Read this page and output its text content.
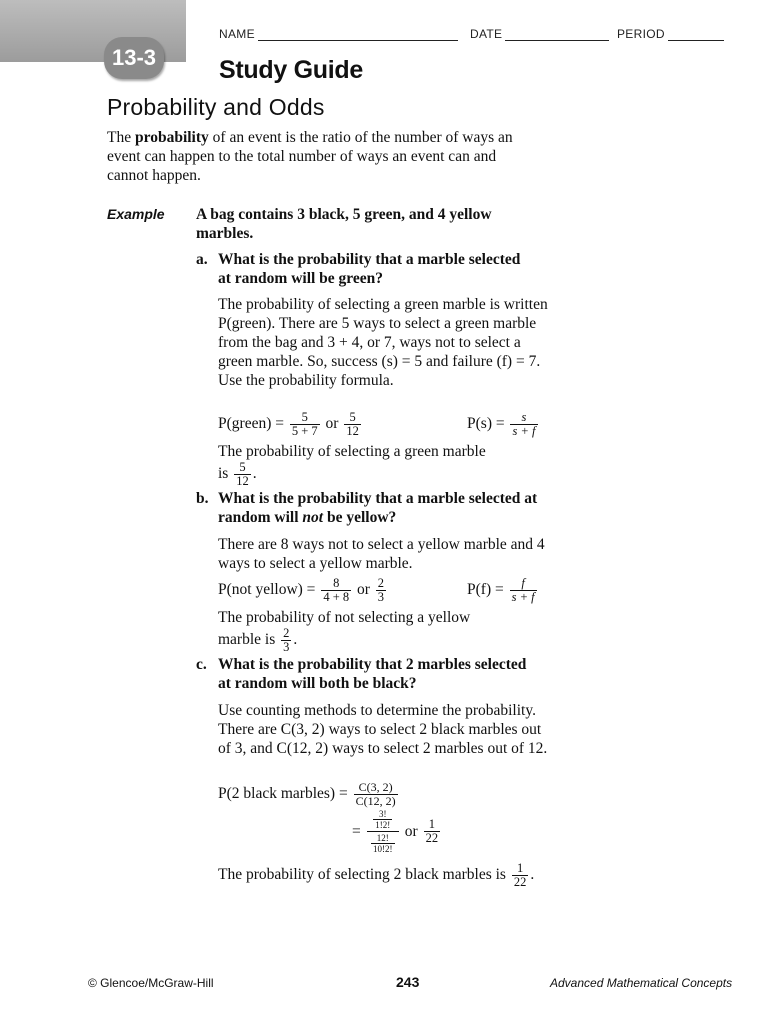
13-3
NAME	DATE	PERIOD
Study Guide
Probability and Odds
The probability of an event is the ratio of the number of ways an event can happen to the total number of ways an event can and cannot happen.
Example A bag contains 3 black, 5 green, and 4 yellow marbles.
a. What is the probability that a marble selected at random will be green?
The probability of selecting a green marble is written P(green). There are 5 ways to select a green marble from the bag and 3 + 4, or 7, ways not to select a green marble. So, success (s) = 5 and failure (f) = 7. Use the probability formula.
P(green) = $\frac{5}{5 + 7}$ or $\frac{5}{12}$	$P(s) = \frac{s}{s + f}$
The probability of selecting a green marble
is $\frac{5}{12}$ .
b. What is the probability that a marble selected at random will not be yellow?
There are 8 ways not to select a yellow marble and 4 ways to select a yellow marble.
P(not yellow) = $\frac{8}{4 + 8}$ or $\frac{2}{3}$	$P(f) = \frac{f}{s + f}$
The probability of not selecting a yellow
marble is $\frac{2}{3}$ .
c. What is the probability that 2 marbles selected at random will both be black?
Use counting methods to determine the probability. There are C(3, 2) ways to select 2 black marbles out of 3, and C(12, 2) ways to select 2 marbles out of 12.
P(2 black marbles) = $\frac{C(3, 2)}{C(12, 2)}$
=
$\frac{3!}{1!2!}$
$\frac{12!}{10!2!}$
or $\frac{1}{22}$
The probability of selecting 2 black marbles is $\frac{1}{22}$ .
© Glencoe/McGraw-Hill	243	Advanced Mathematical Concepts
